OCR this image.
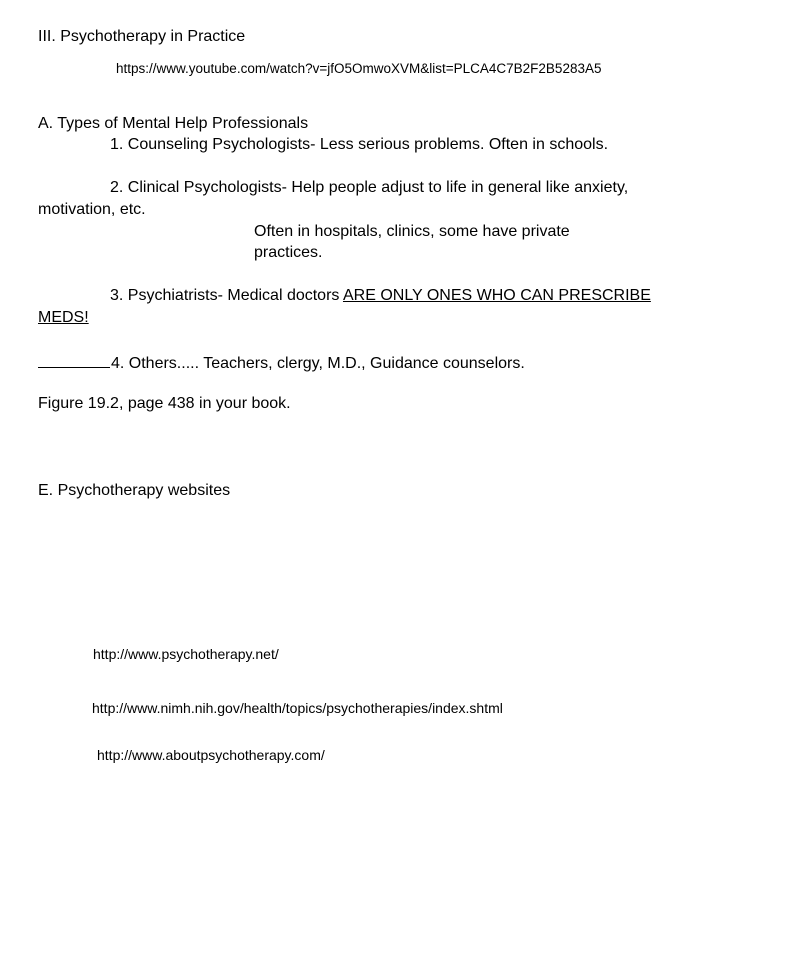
III. Psychotherapy in Practice
https://www.youtube.com/watch?v=jfO5OmwoXVM&list=PLCA4C7B2F2B5283A5
A. Types of Mental Help Professionals
1. Counseling Psychologists- Less serious problems. Often in schools.
2. Clinical Psychologists- Help people adjust to life in general like anxiety,
motivation, etc.
Often in hospitals, clinics, some have private
practices.
3. Psychiatrists- Medical doctors ARE ONLY ONES WHO CAN PRESCRIBE
MEDS!
4. Others..... Teachers, clergy, M.D., Guidance counselors.
Figure 19.2, page 438 in your book.
E. Psychotherapy websites
http://www.psychotherapy.net/
http://www.nimh.nih.gov/health/topics/psychotherapies/index.shtml
http://www.aboutpsychotherapy.com/
